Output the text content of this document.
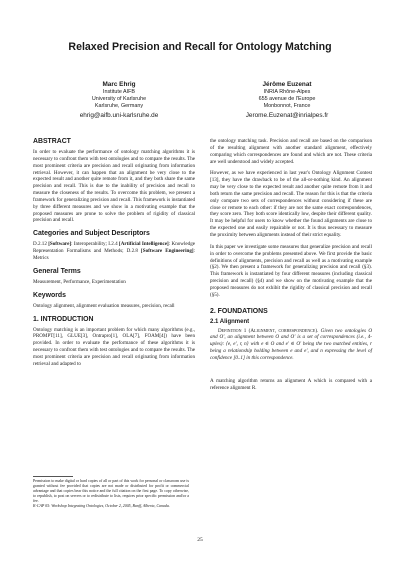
Relaxed Precision and Recall for Ontology Matching
Marc Ehrig
Institute AIFB
University of Karlsruhe
Karlsruhe, Germany
ehrig@aifb.uni-karlsruhe.de
Jérôme Euzenat
INRIA Rhône-Alpes
655 avenue de l'Europe
Monbonnot, France
Jerome.Euzenat@inrialpes.fr
ABSTRACT

In order to evaluate the performance of ontology matching algorithms it is necessary to confront them with test ontologies and to compare the results. The most prominent criteria are precision and recall originating from information retrieval. However, it can happen that an alignment be very close to the expected result and another quite remote from it, and they both share the same precision and recall. This is due to the inability of precision and recall to measure the closeness of the results. To overcome this problem, we present a framework for generalizing precision and recall. This framework is instantiated by three different measures and we show in a motivating example that the proposed measures are prone to solve the problem of rigidity of classical precision and recall.

Categories and Subject Descriptors

D.2.12 [Software]: Interoperability; I.2.4 [Artificial Intelligence]: Knowledge Representation Formalisms and Methods; D.2.8 [Software Engineering]: Metrics

General Terms

Measurement, Performance, Experimentation

Keywords

Ontology alignment, alignment evaluation measures, precision, recall

1. INTRODUCTION

Ontology matching is an important problem for which many algorithms (e.g., PROMPT[11], GLUE[3], Ontrapro[1], OLA[7], FOAM[4]) have been provided. In order to evaluate the performance of these algorithms it is necessary to confront them with test ontologies and to compare the results. The most prominent criteria are precision and recall originating from information retrieval and adapted to

Permission to make digital or hard copies of all or part of this work for personal or classroom use is granted without fee provided that copies are not made or distributed for profit or commercial advantage and that copies bear this notice and the full citation on the first page. To copy otherwise, to republish, to post on servers or to redistribute to lists, requires prior specific permission and/or a fee.

K-CAP 05: Workshop Integrating Ontologies, October 2, 2005, Banff, Alberta, Canada.

the ontology matching task. Precision and recall are based on the comparison of the resulting alignment with another standard alignment, effectively comparing which correspondences are found and which are not. These criteria are well understood and widely accepted.

However, as we have experienced in last year's Ontology Alignment Contest [13], they have the drawback to be of the all-or-nothing kind. An alignment may be very close to the expected result and another quite remote from it and both return the same precision and recall. The reason for this is that the criteria only compare two sets of correspondences without considering if these are close or remote to each other: if they are not the same exact correspondences, they score zero. They both score identically low, despite their different quality. It may be helpful for users to know whether the found alignments are close to the expected one and easily repairable or not. It is thus necessary to measure the proximity between alignments instead of their strict equality.

In this paper we investigate some measures that generalize precision and recall in order to overcome the problems presented above. We first provide the basic definitions of alignments, precision and recall as well as a motivating example (§2). We then present a framework for generalizing precision and recall (§3). This framework is instantiated by four different measures (including classical precision and recall) (§4) and we show on the motivating example that the proposed measures do not exhibit the rigidity of classical precision and recall (§5).

2. FOUNDATIONS
2.1 Alignment

Definition 1 (Alignment, correspondence). Given two ontologies O and O′, an alignment between O and O′ is a set of correspondences (i.e., 4-uples): ⟨e, e′, r, n⟩ with e ∈ O and e′ ∈ O′ being the two matched entities, r being a relationship holding between e and e′, and n expressing the level of confidence [0..1] in this correspondence.

A matching algorithm returns an alignment A which is compared with a reference alignment R.

25
